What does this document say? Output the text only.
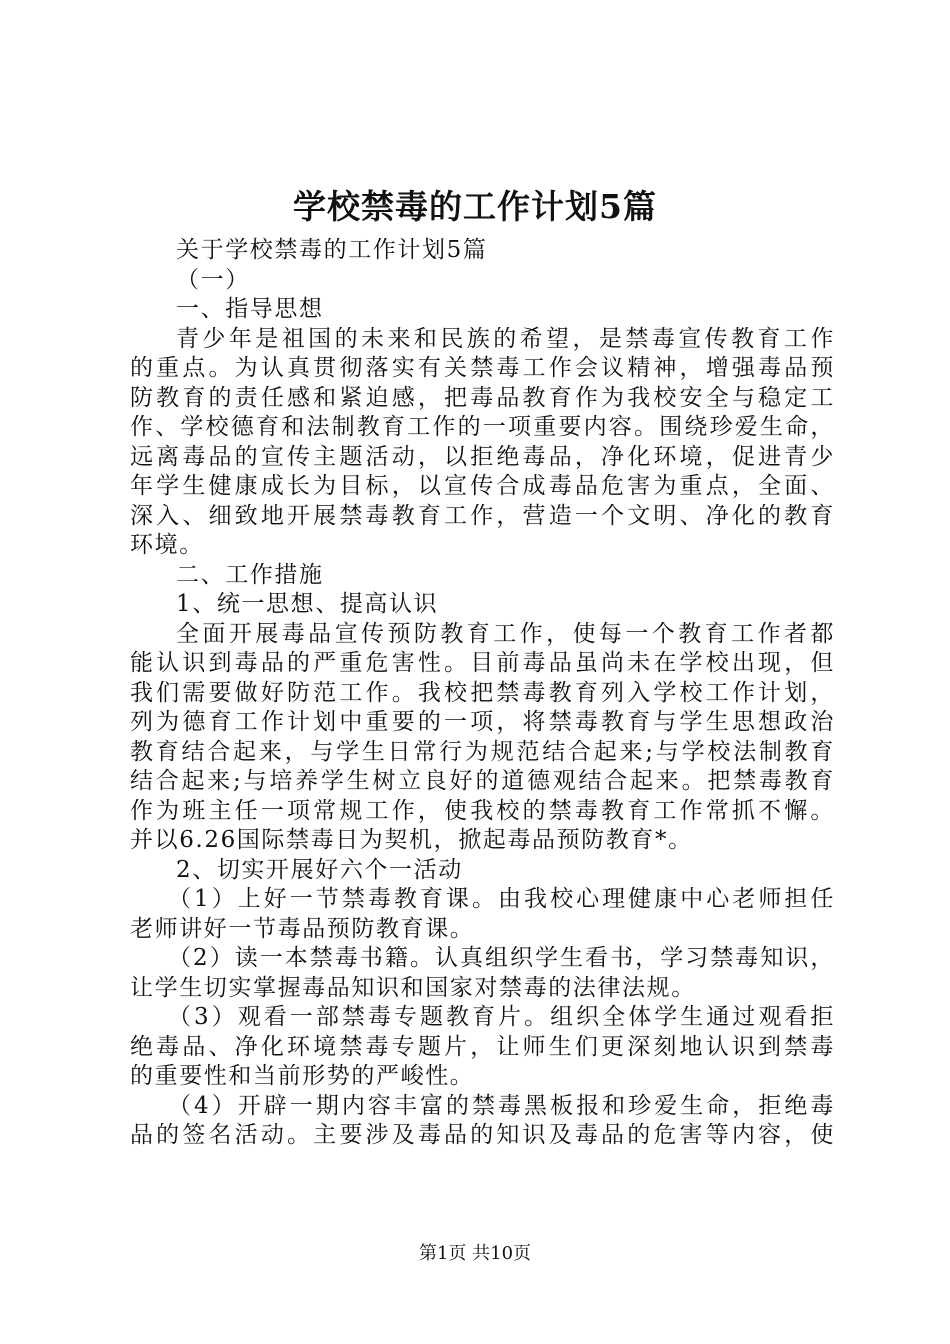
学校禁毒的工作计划5篇
关于学校禁毒的工作计划5篇
（一）
一、指导思想
青少年是祖国的未来和民族的希望，是禁毒宣传教育工作
的重点。为认真贯彻落实有关禁毒工作会议精神，增强毒品预
防教育的责任感和紧迫感，把毒品教育作为我校安全与稳定工
作、学校德育和法制教育工作的一项重要内容。围绕珍爱生命，
远离毒品的宣传主题活动，以拒绝毒品，净化环境，促进青少
年学生健康成长为目标，以宣传合成毒品危害为重点，全面、
深入、细致地开展禁毒教育工作，营造一个文明、净化的教育
环境。
二、工作措施
1、统一思想、提高认识
全面开展毒品宣传预防教育工作，使每一个教育工作者都
能认识到毒品的严重危害性。目前毒品虽尚未在学校出现，但
我们需要做好防范工作。我校把禁毒教育列入学校工作计划，
列为德育工作计划中重要的一项，将禁毒教育与学生思想政治
教育结合起来，与学生日常行为规范结合起来;与学校法制教育
结合起来;与培养学生树立良好的道德观结合起来。把禁毒教育
作为班主任一项常规工作，使我校的禁毒教育工作常抓不懈。
并以6.26国际禁毒日为契机，掀起毒品预防教育*。
2、切实开展好六个一活动
（1）上好一节禁毒教育课。由我校心理健康中心老师担任
老师讲好一节毒品预防教育课。
（2）读一本禁毒书籍。认真组织学生看书，学习禁毒知识，
让学生切实掌握毒品知识和国家对禁毒的法律法规。
（3）观看一部禁毒专题教育片。组织全体学生通过观看拒
绝毒品、净化环境禁毒专题片，让师生们更深刻地认识到禁毒
的重要性和当前形势的严峻性。
（4）开辟一期内容丰富的禁毒黑板报和珍爱生命，拒绝毒
品的签名活动。主要涉及毒品的知识及毒品的危害等内容，使
第1页 共10页
